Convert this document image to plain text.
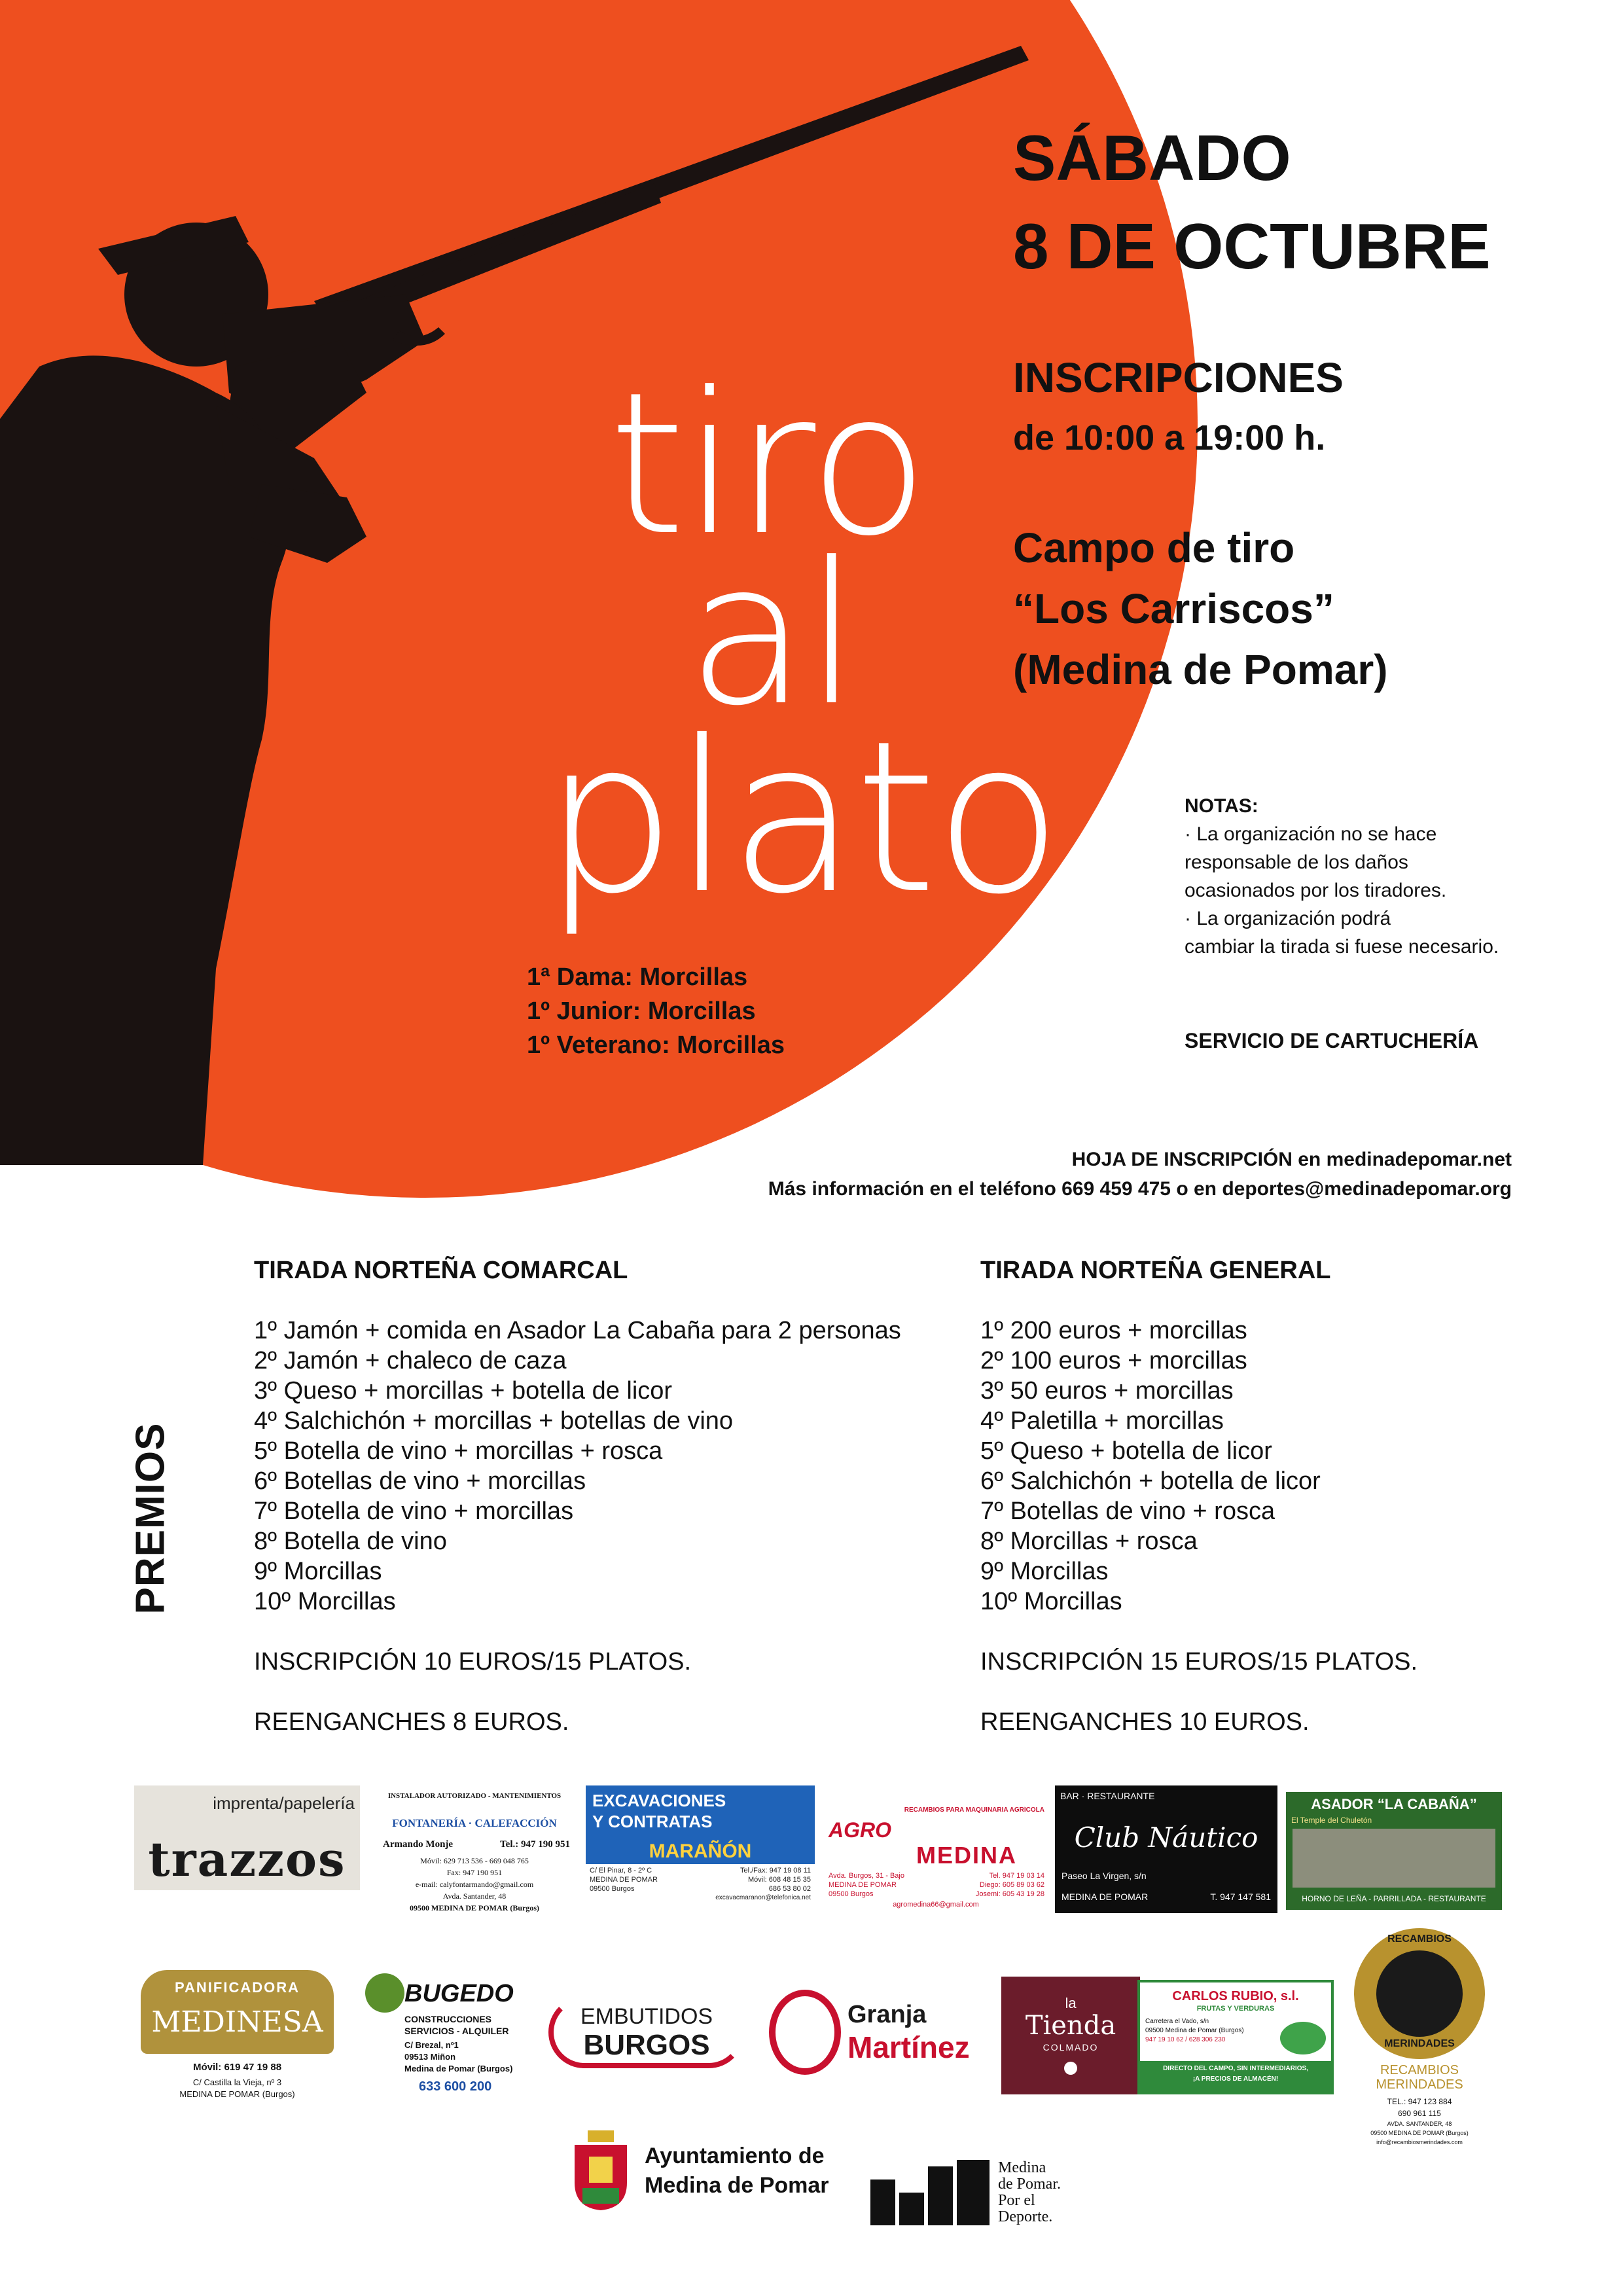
tiro
al
plato
SÁBADO
8 DE OCTUBRE
INSCRIPCIONES
de 10:00 a 19:00 h.
Campo de tiro
“Los Carriscos”
(Medina de Pomar)
NOTAS:
· La organización no se hace
responsable de los daños
ocasionados por los tiradores.
· La organización podrá
cambiar la tirada si fuese necesario.
SERVICIO DE CARTUCHERÍA
1ª Dama: Morcillas
1º Junior: Morcillas
1º Veterano: Morcillas
HOJA DE INSCRIPCIÓN en medinadepomar.net
Más información en el teléfono 669 459 475 o en deportes@medinadepomar.org
PREMIOS
TIRADA NORTEÑA COMARCAL
1º Jamón + comida en Asador La Cabaña para 2 personas
2º Jamón + chaleco de caza
3º Queso + morcillas + botella de licor
4º Salchichón + morcillas + botellas de vino
5º Botella de vino + morcillas + rosca
6º Botellas de vino + morcillas
7º Botella de vino + morcillas
8º Botella de vino
9º Morcillas
10º Morcillas
INSCRIPCIÓN 10 EUROS/15 PLATOS.
REENGANCHES 8 EUROS.
TIRADA NORTEÑA GENERAL
1º 200 euros + morcillas
2º 100 euros + morcillas
3º 50 euros + morcillas
4º Paletilla + morcillas
5º Queso + botella de licor
6º Salchichón + botella de licor
7º Botellas de vino + rosca
8º Morcillas + rosca
9º Morcillas
10º Morcillas
INSCRIPCIÓN 15 EUROS/15 PLATOS.
REENGANCHES 10 EUROS.
imprenta/papelería
trazzos
INSTALADOR AUTORIZADO - MANTENIMIENTOS
FONTANERÍA · CALEFACCIÓN
Armando Monje	Tel.: 947 190 951
Móvil: 629 713 536 - 669 048 765
Fax: 947 190 951
e-mail: calyfontarmando@gmail.com
Avda. Santander, 48
09500 MEDINA DE POMAR (Burgos)
EXCAVACIONES
Y CONTRATAS
MARAÑÓN
C/ El Pinar, 8 - 2º C
MEDINA DE POMAR
09500 Burgos
Tel./Fax: 947 19 08 11
Móvil: 608 48 15 35
686 53 80 02
excavacmaranon@telefonica.net
RECAMBIOS PARA MAQUINARIA AGRÍCOLA
AGRO
MEDINA
Avda. Burgos, 31 - Bajo
MEDINA DE POMAR
09500 Burgos
Tel. 947 19 03 14
Diego: 605 89 03 62
Josemi: 605 43 19 28
agromedina66@gmail.com
BAR · RESTAURANTE
Club Náutico
Paseo La Virgen, s/n
MEDINA DE POMAR	T. 947 147 581
ASADOR “LA CABAÑA”
El Temple del Chuletón
HORNO DE LEÑA - PARRILLADA - RESTAURANTE
PANIFICADORA
MEDINESA
Móvil: 619 47 19 88
C/ Castilla la Vieja, nº 3
MEDINA DE POMAR (Burgos)
BUGEDO
CONSTRUCCIONES
SERVICIOS - ALQUILER
C/ Brezal, nº1
09513 Miñon
Medina de Pomar (Burgos)
633 600 200
EMBUTIDOS
BURGOS
Granja
Martínez
la
Tienda
COLMADO
CARLOS RUBIO, s.l.
FRUTAS Y VERDURAS
Carretera el Vado, s/n
09500 Medina de Pomar (Burgos)
947 19 10 62 / 628 306 230
DIRECTO DEL CAMPO, SIN INTERMEDIARIOS,
¡A PRECIOS DE ALMACÉN!
RECAMBIOS
MERINDADES
RECAMBIOS
MERINDADES
TEL.: 947 123 884
690 961 115
AVDA. SANTANDER, 48
09500 MEDINA DE POMAR (Burgos)
info@recambiosmerindades.com
Ayuntamiento de
Medina de Pomar
Medina
de Pomar.
Por el
Deporte.
